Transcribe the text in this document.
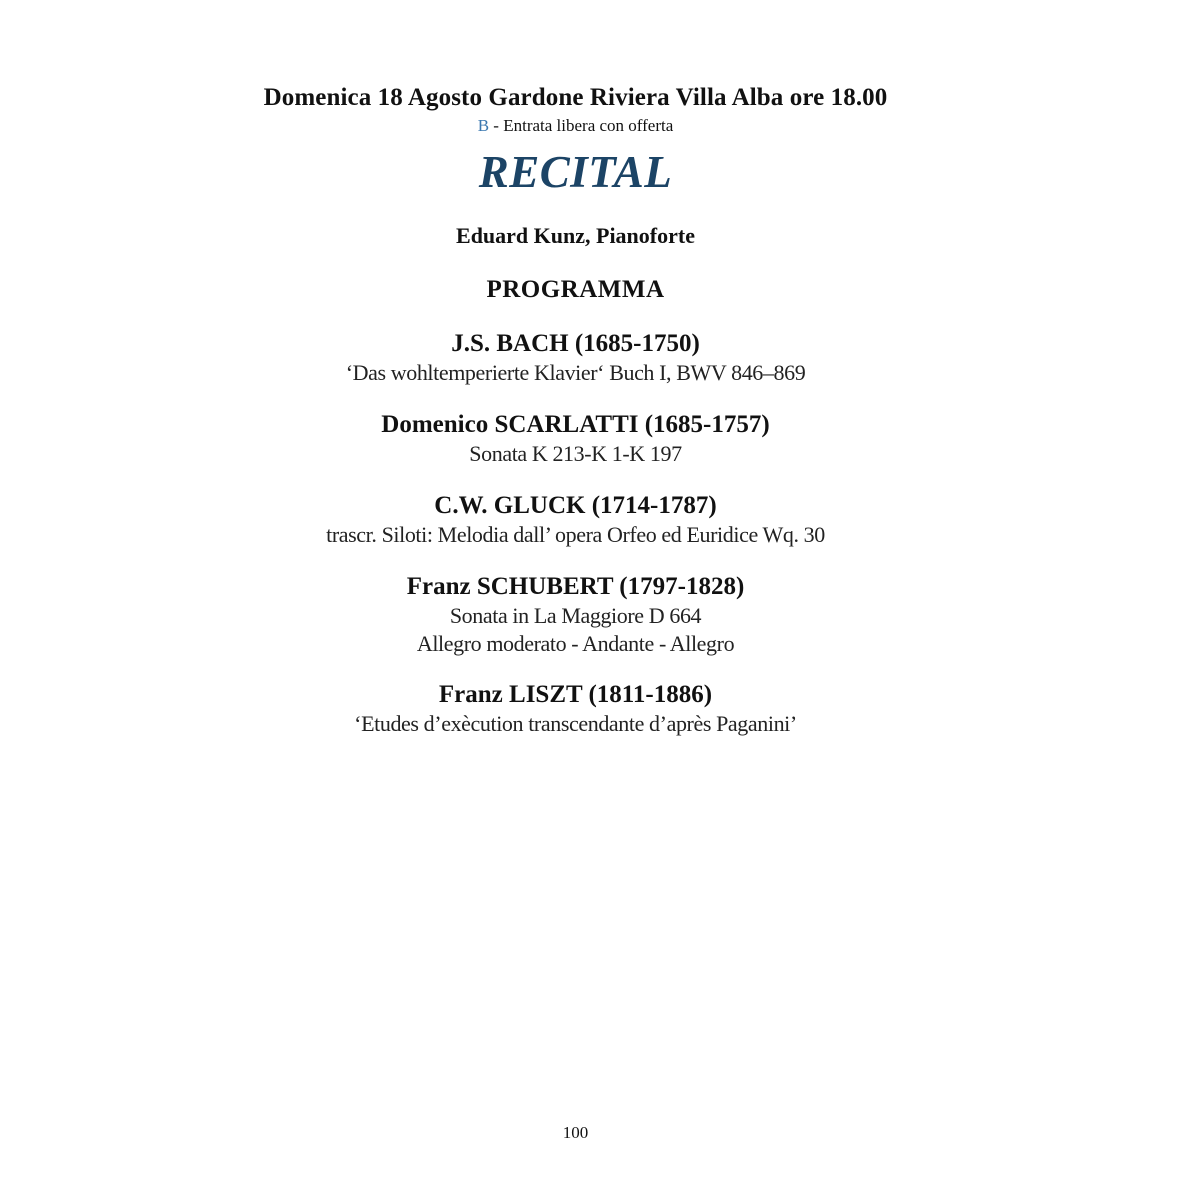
Domenica 18 Agosto Gardone Riviera Villa Alba ore 18.00
B - Entrata libera con offerta
RECITAL
Eduard Kunz, Pianoforte
PROGRAMMA
J.S. BACH (1685-1750)
‘Das wohltemperierte Klavier‘ Buch I, BWV 846–869
Domenico SCARLATTI (1685-1757)
Sonata K 213-K 1-K 197
C.W. GLUCK (1714-1787)
trascr. Siloti: Melodia dall’ opera Orfeo ed Euridice Wq. 30
Franz SCHUBERT (1797-1828)
Sonata in La Maggiore D 664
Allegro moderato - Andante - Allegro
Franz LISZT (1811-1886)
‘Etudes d’exècution transcendante d’après Paganini’
100
